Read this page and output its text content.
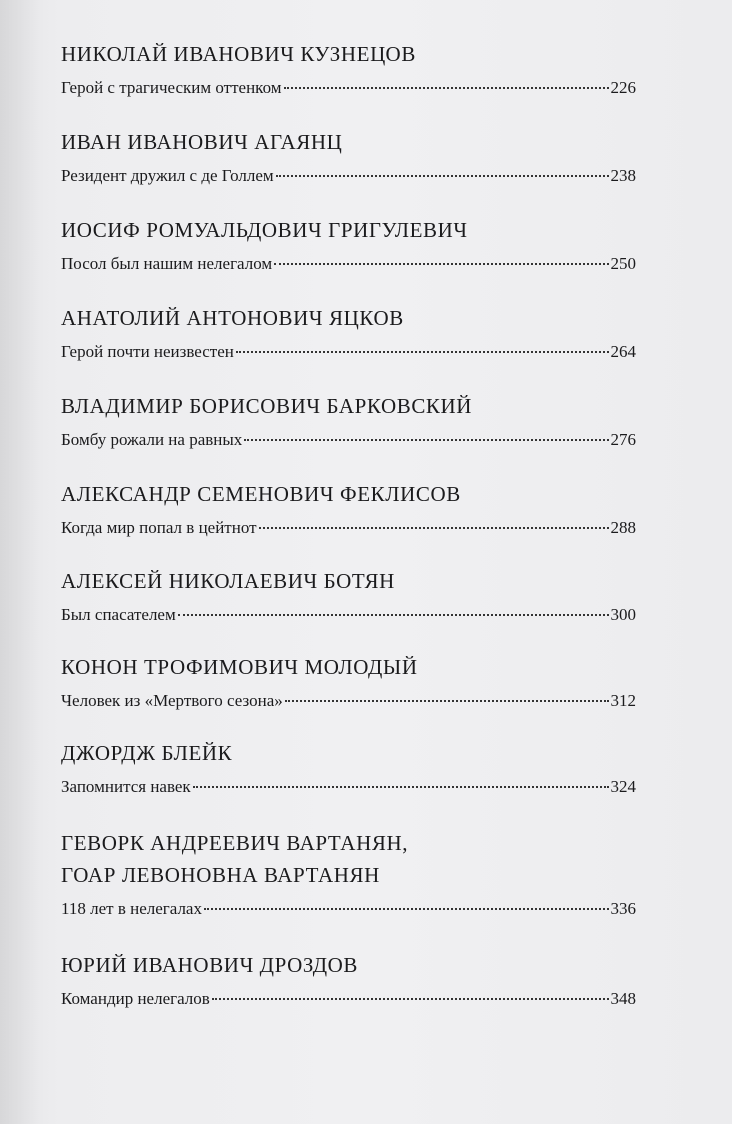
НИКОЛАЙ ИВАНОВИЧ КУЗНЕЦОВ
Герой с трагическим оттенком	226
ИВАН ИВАНОВИЧ АГАЯНЦ
Резидент дружил с де Голлем	238
ИОСИФ РОМУАЛЬДОВИЧ ГРИГУЛЕВИЧ
Посол был нашим нелегалом	250
АНАТОЛИЙ АНТОНОВИЧ ЯЦКОВ
Герой почти неизвестен	264
ВЛАДИМИР БОРИСОВИЧ БАРКОВСКИЙ
Бомбу рожали на равных	276
АЛЕКСАНДР СЕМЕНОВИЧ ФЕКЛИСОВ
Когда мир попал в цейтнот	288
АЛЕКСЕЙ НИКОЛАЕВИЧ БОТЯН
Был спасателем	300
КОНОН ТРОФИМОВИЧ МОЛОДЫЙ
Человек из «Мертвого сезона»	312
ДЖОРДЖ БЛЕЙК
Запомнится навек	324
ГЕВОРК АНДРЕЕВИЧ ВАРТАНЯН,
ГОАР ЛЕВОНОВНА ВАРТАНЯН
118 лет в нелегалах	336
ЮРИЙ ИВАНОВИЧ ДРОЗДОВ
Командир нелегалов	348
